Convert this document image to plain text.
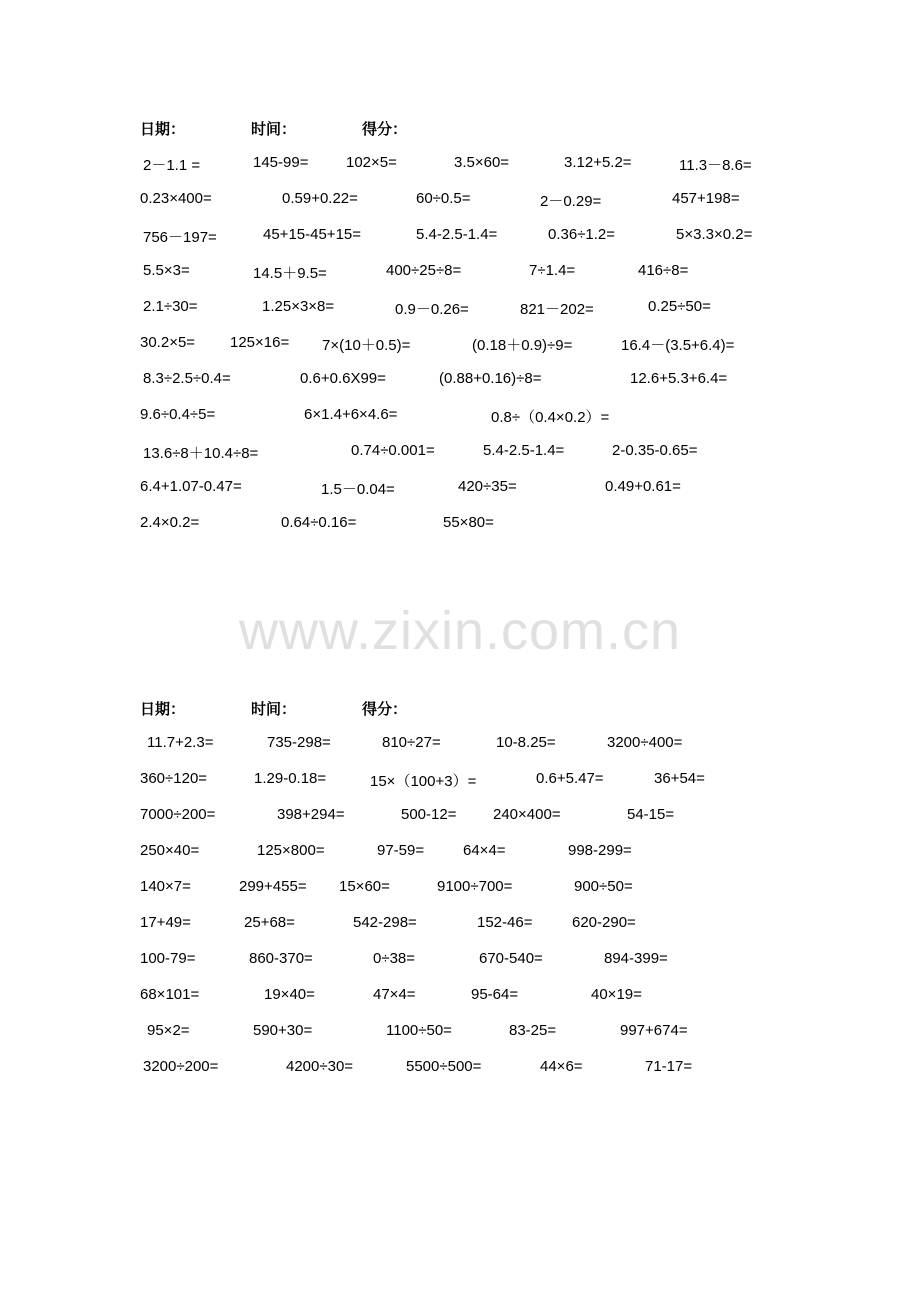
日期：	时间：	得分：
2－1.1 =	145-99=	102×5=	3.5×60=	3.12+5.2=	11.3－8.6=
0.23×400=	0.59+0.22=	60÷0.5=	2－0.29=	457+198=
756－197=	45+15-45+15=	5.4-2.5-1.4=	0.36÷1.2=	5×3.3×0.2=
5.5×3=	14.5＋9.5=	400÷25÷8=	7÷1.4=	416÷8=
2.1÷30=	1.25×3×8=	0.9－0.26=	821－202=	0.25÷50=
30.2×5= 125×16= 7×(10＋0.5)=	(0.18＋0.9)÷9=	16.4－(3.5+6.4)=
8.3÷2.5÷0.4=	0.6+0.6X99=	(0.88+0.16)÷8=	12.6+5.3+6.4=
9.6÷0.4÷5=	6×1.4+6×4.6=	0.8÷（0.4×0.2）=
13.6÷8＋10.4÷8=	0.74÷0.001=	5.4-2.5-1.4=	2-0.35-0.65=
6.4+1.07-0.47=	1.5－0.04=	420÷35=	0.49+0.61=
2.4×0.2=	0.64÷0.16=	55×80=
www.zixin.com.cn
日期：	时间：	得分：
11.7+2.3=	735-298=	810÷27=	10-8.25=	3200÷400=
360÷120=	1.29-0.18=	15×（100+3）=	0.6+5.47=	36+54=
7000÷200=	398+294=	500-12= 240×400=	54-15=
250×40=	125×800=	97-59=	64×4=	998-299=
140×7=	299+455= 15×60=	9100÷700=	900÷50=
17+49=	25+68=	542-298=	152-46=	620-290=
100-79=	860-370=	0÷38=	670-540=	894-399=
68×101=	19×40=	47×4=	95-64=	40×19=
95×2=	590+30=	1100÷50=	83-25=	997+674=
3200÷200=	4200÷30=	5500÷500=	44×6=	71-17=
